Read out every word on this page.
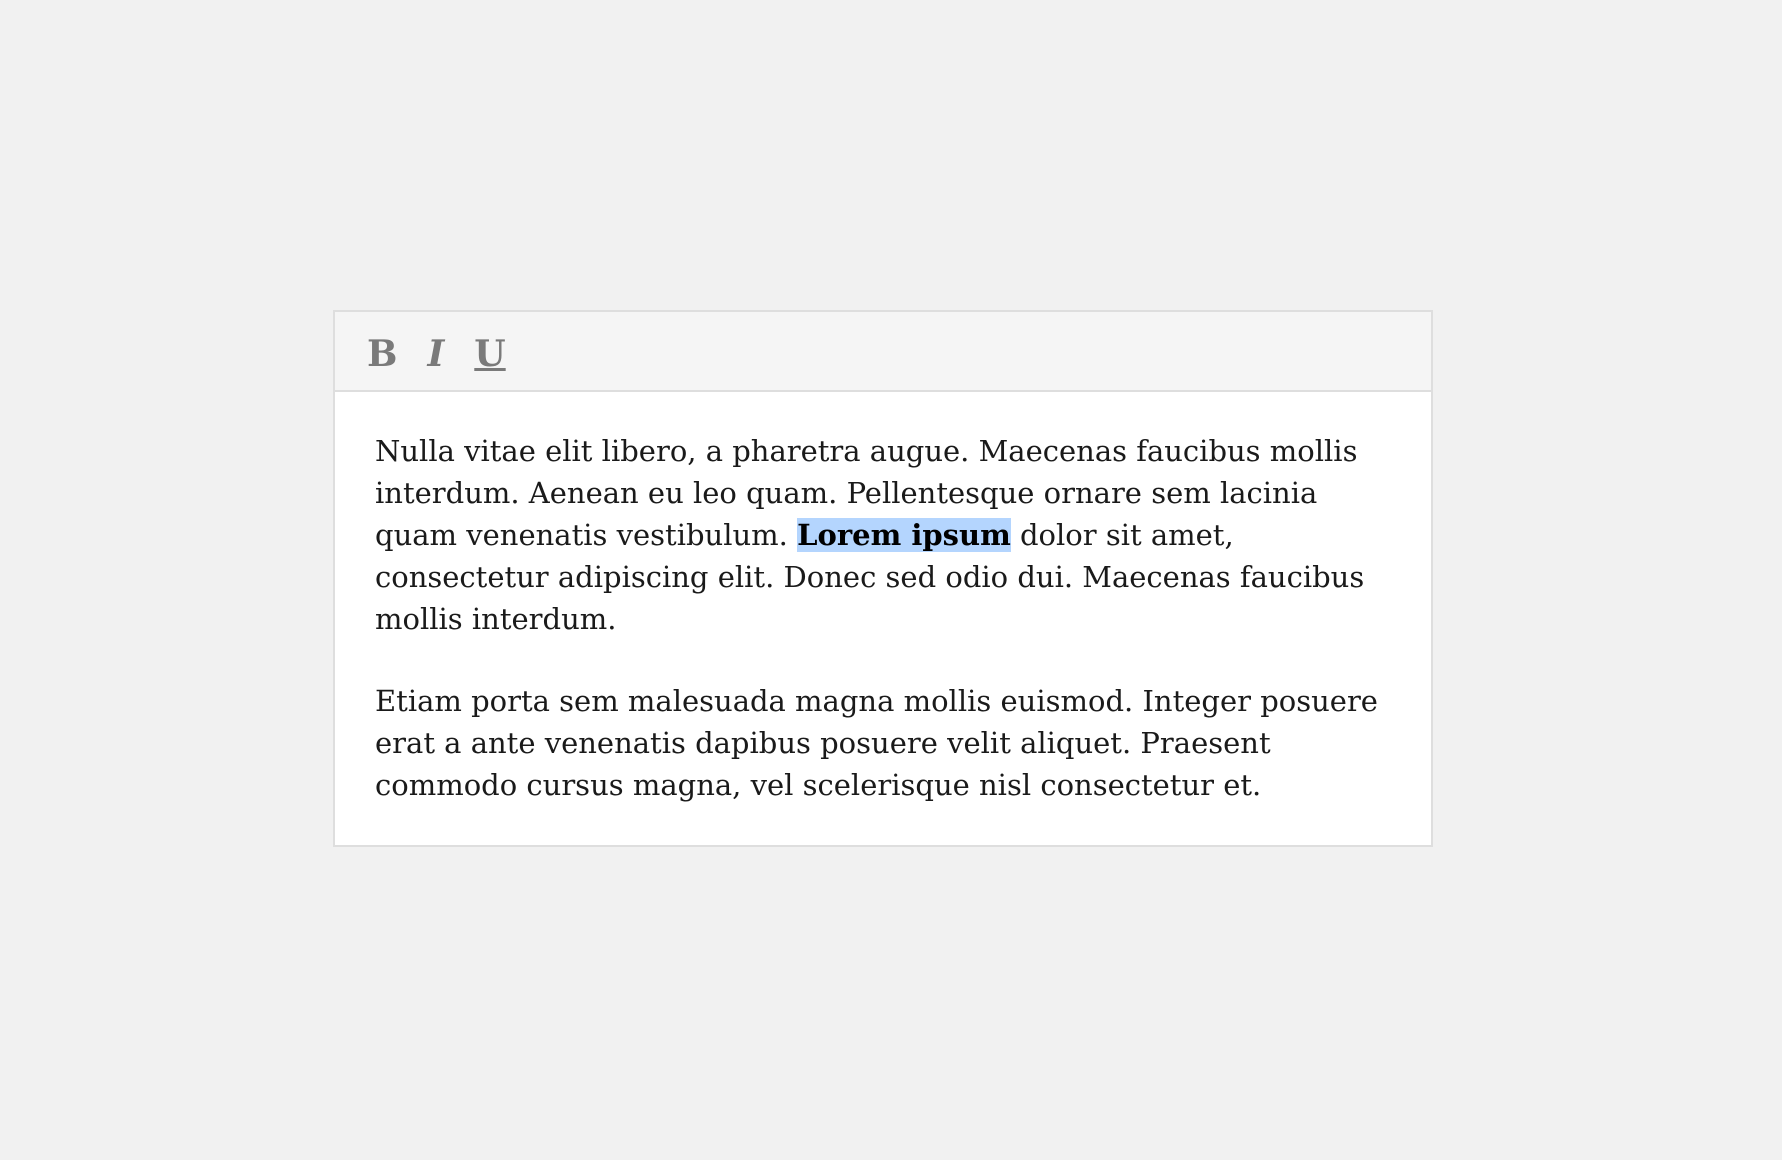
B I U

Nulla vitae elit libero, a pharetra augue. Maecenas faucibus mollis interdum. Aenean eu leo quam. Pellentesque ornare sem lacinia quam venenatis vestibulum. Lorem ipsum dolor sit amet, consectetur adipiscing elit. Donec sed odio dui. Maecenas faucibus mollis interdum.

Etiam porta sem malesuada magna mollis euismod. Integer posuere erat a ante venenatis dapibus posuere velit aliquet. Praesent commodo cursus magna, vel scelerisque nisl consectetur et.
